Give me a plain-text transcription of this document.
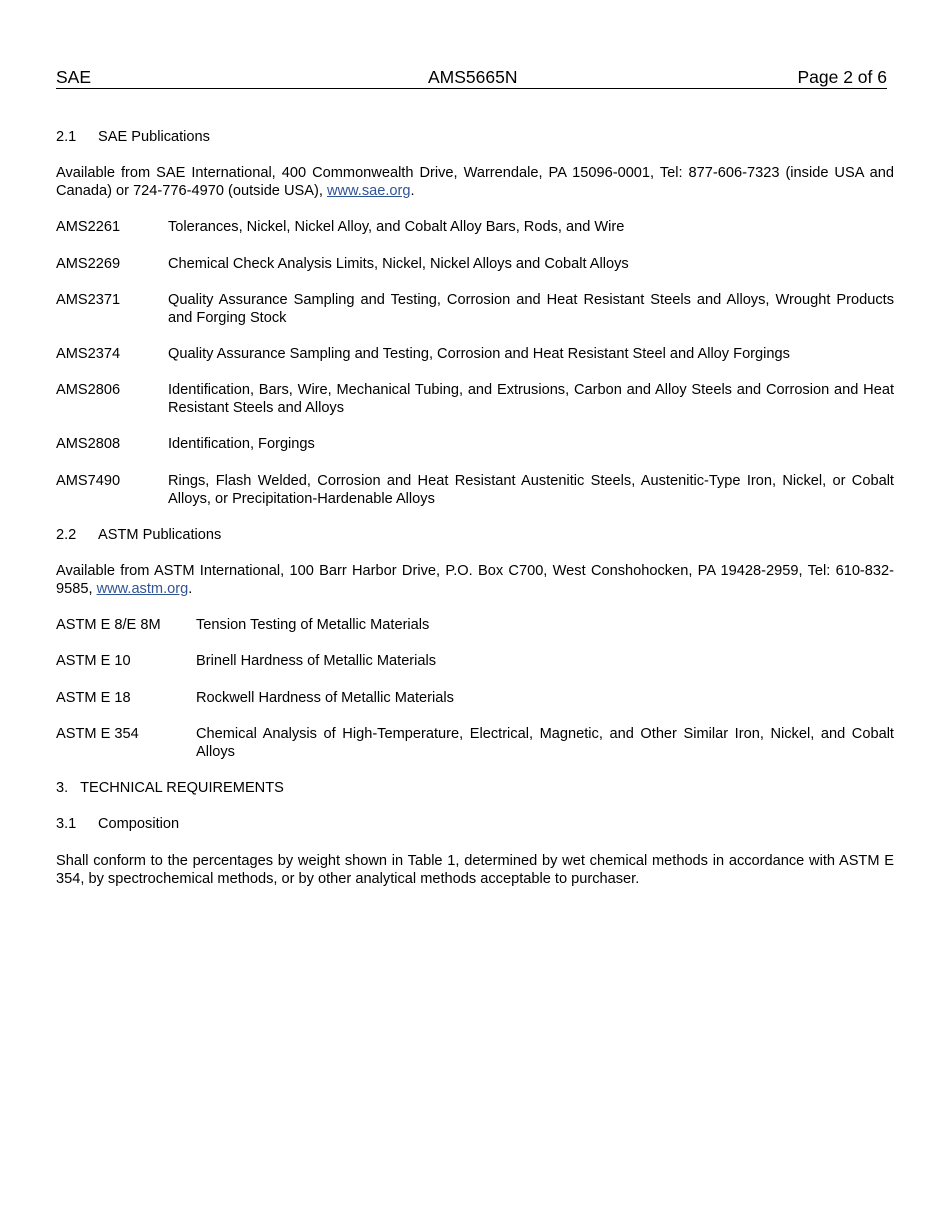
SAE	AMS5665N	Page 2 of 6
2.1 SAE Publications
Available from SAE International, 400 Commonwealth Drive, Warrendale, PA 15096-0001, Tel: 877-606-7323 (inside USA and Canada) or 724-776-4970 (outside USA), www.sae.org.
AMS2261	Tolerances, Nickel, Nickel Alloy, and Cobalt Alloy Bars, Rods, and Wire
AMS2269	Chemical Check Analysis Limits, Nickel, Nickel Alloys and Cobalt Alloys
AMS2371	Quality Assurance Sampling and Testing, Corrosion and Heat Resistant Steels and Alloys, Wrought Products and Forging Stock
AMS2374	Quality Assurance Sampling and Testing, Corrosion and Heat Resistant Steel and Alloy Forgings
AMS2806	Identification, Bars, Wire, Mechanical Tubing, and Extrusions, Carbon and Alloy Steels and Corrosion and Heat Resistant Steels and Alloys
AMS2808	Identification, Forgings
AMS7490	Rings, Flash Welded, Corrosion and Heat Resistant Austenitic Steels, Austenitic-Type Iron, Nickel, or Cobalt Alloys, or Precipitation-Hardenable Alloys
2.2 ASTM Publications
Available from ASTM International, 100 Barr Harbor Drive, P.O. Box C700, West Conshohocken, PA 19428-2959, Tel: 610-832-9585, www.astm.org.
ASTM E 8/E 8M Tension Testing of Metallic Materials
ASTM E 10	Brinell Hardness of Metallic Materials
ASTM E 18	Rockwell Hardness of Metallic Materials
ASTM E 354	Chemical Analysis of High-Temperature, Electrical, Magnetic, and Other Similar Iron, Nickel, and Cobalt Alloys
3.   TECHNICAL REQUIREMENTS
3.1 Composition
Shall conform to the percentages by weight shown in Table 1, determined by wet chemical methods in accordance with ASTM E 354, by spectrochemical methods, or by other analytical methods acceptable to purchaser.
